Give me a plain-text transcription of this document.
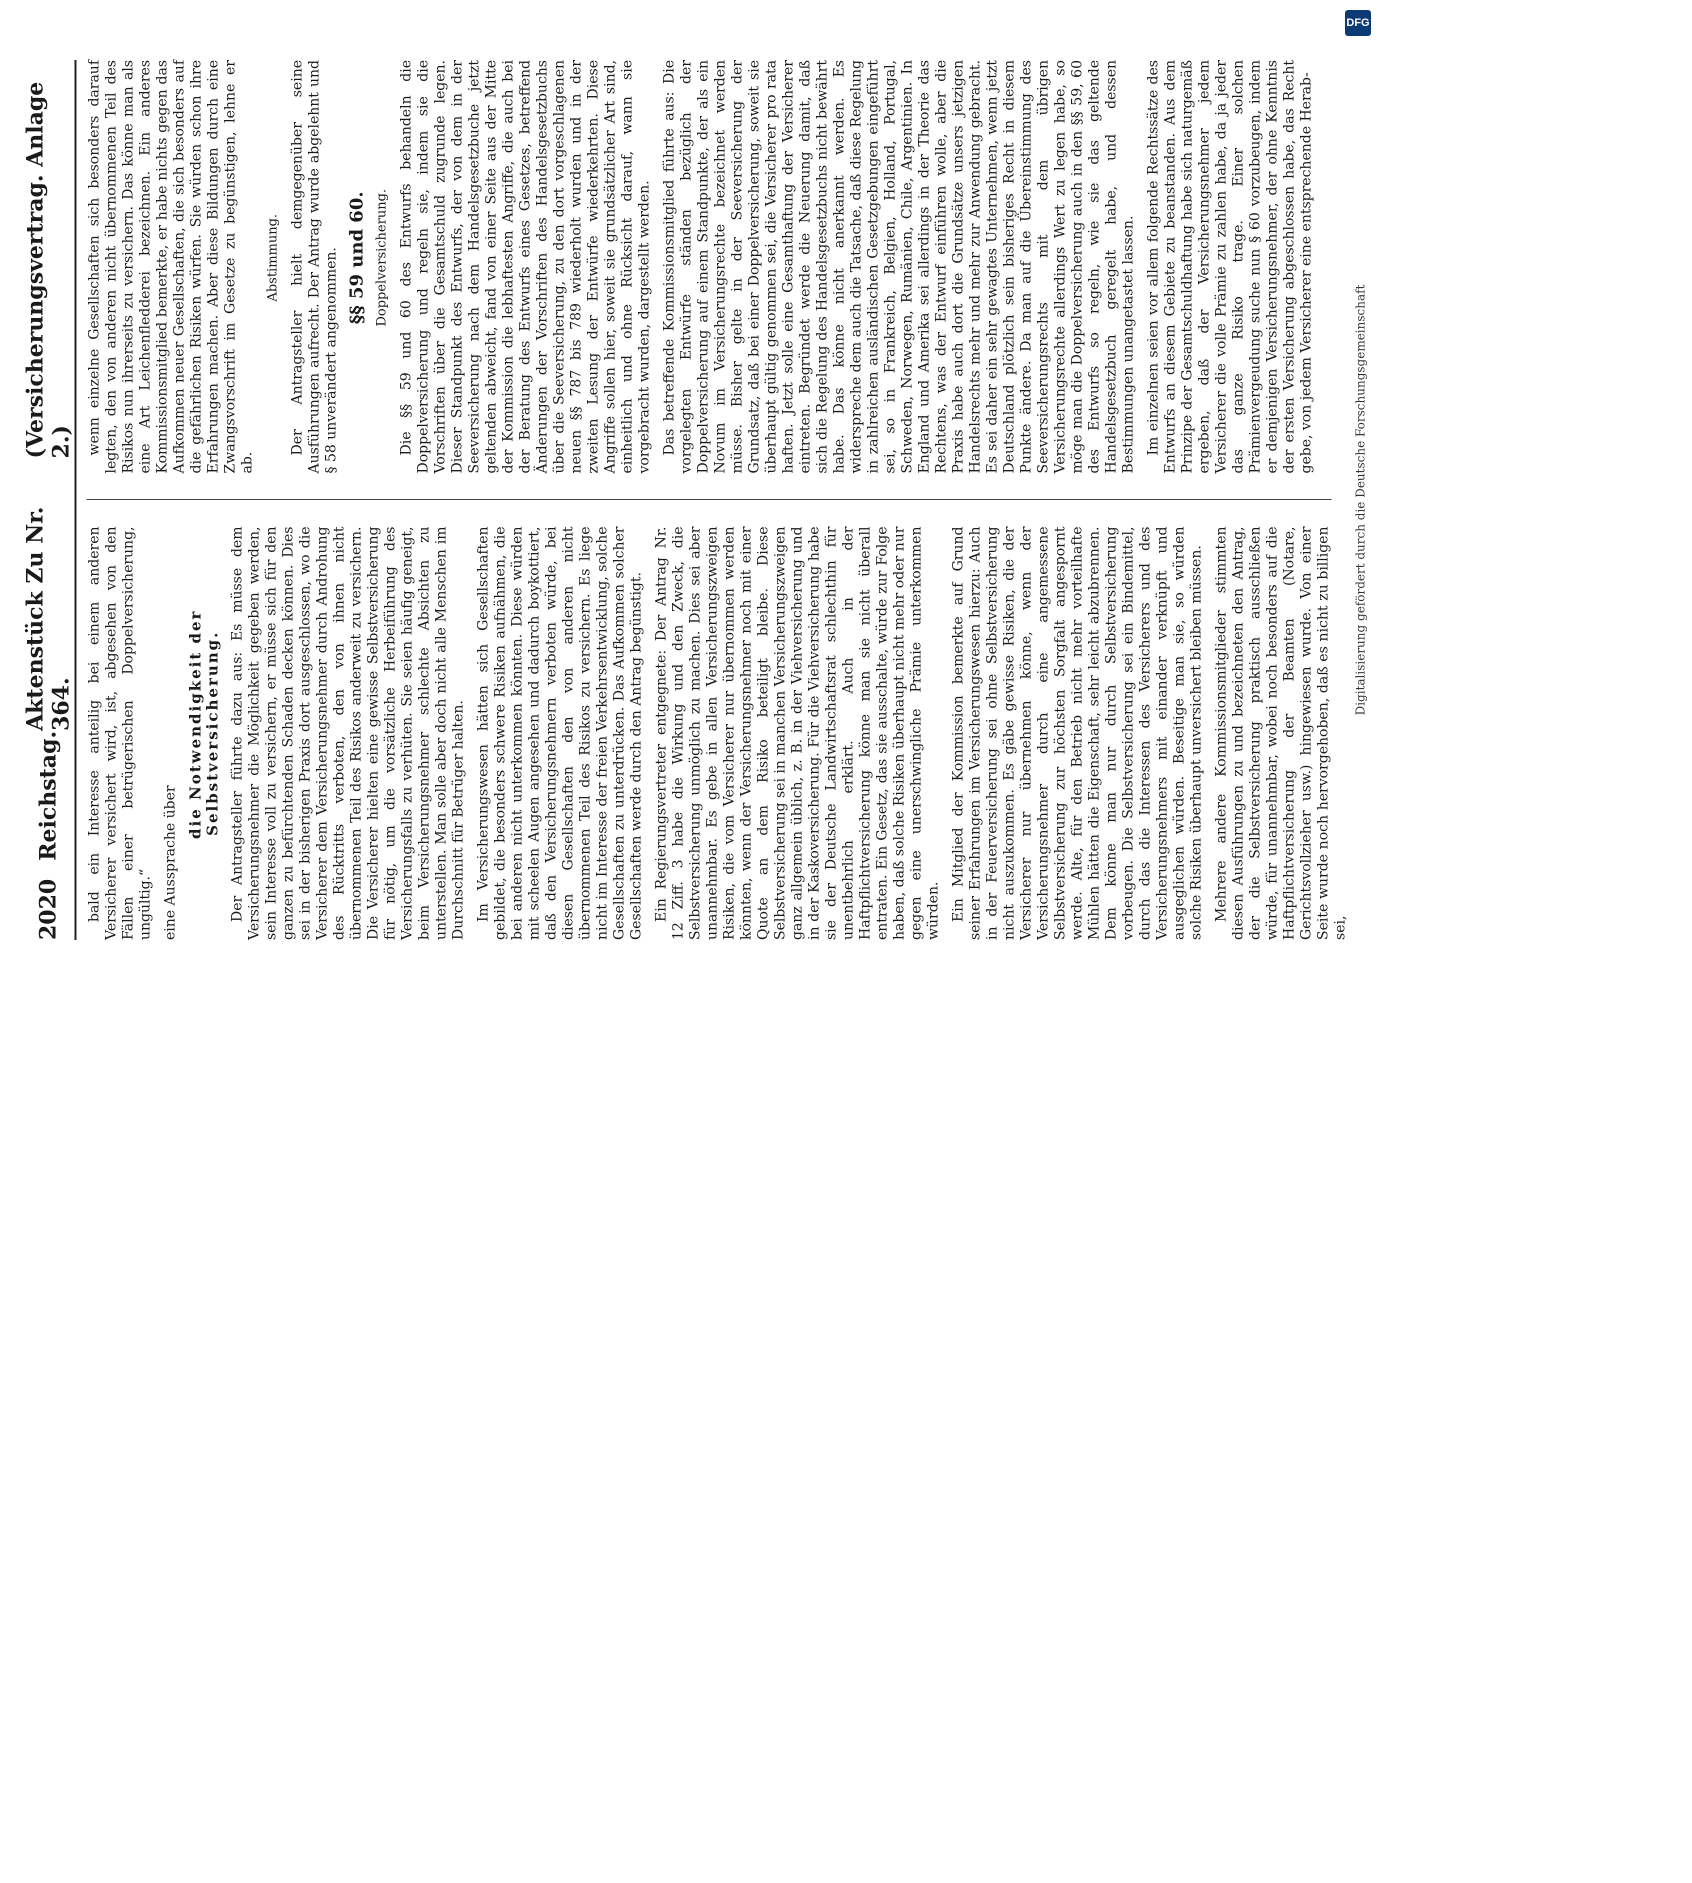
DFG
2020
Reichstag.
Aktenstück Zu Nr. 364.
(Versicherungsvertrag. Anlage 2.)

bald ein Interesse anteilig bei einem anderen Versicherer versichert wird, ist, abgesehen von den Fällen einer betrügerischen Doppelversicherung, ungültig.“ eine Aussprache über

die Notwendigkeit der Selbstversicherung. Der Antragsteller führte dazu aus: Es müsse dem Versicherungsnehmer die Möglichkeit gegeben werden, sein Interesse voll zu versichern, er müsse sich für den ganzen zu befürchtenden Schaden decken können. Dies sei in der bisherigen Praxis dort ausgeschlossen, wo die Versicherer dem Versicherungsnehmer durch Androhung des Rücktritts verboten, den von ihnen nicht übernommenen Teil des Risikos anderweit zu versichern. Die Versicherer hielten eine gewisse Selbstversicherung für nötig, um die vorsätzliche Herbeiführung des Versicherungsfalls zu verhüten. Sie seien häufig geneigt, beim Versicherungsnehmer schlechte Absichten zu unterstellen. Man solle aber doch nicht alle Menschen im Durchschnitt für Betrüger halten. Im Versicherungswesen hätten sich Gesellschaften gebildet, die besonders schwere Risiken aufnähmen, die bei anderen nicht unterkommen könnten. Diese würden mit scheelen Augen angesehen und dadurch boykottiert, daß den Versicherungsnehmern verboten würde, bei diesen Gesellschaften den von anderen nicht übernommenen Teil des Risikos zu versichern. Es liege nicht im Interesse der freien Verkehrsentwicklung, solche Gesellschaften zu unterdrücken. Das Aufkommen solcher Gesellschaften werde durch den Antrag begünstigt. Ein Regierungsvertreter entgegnete: Der Antrag Nr. 12 Ziff. 3 habe die Wirkung und den Zweck, die Selbstversicherung unmöglich zu machen. Dies sei aber unannehmbar. Es gebe in allen Versicherungszweigen Risiken, die vom Versicherer nur übernommen werden könnten, wenn der Versicherungsnehmer noch mit einer Quote an dem Risiko beteiligt bleibe. Diese Selbstversicherung sei in manchen Versicherungszweigen ganz allgemein üblich, z. B. in der Viehversicherung und in der Kaskoversicherung. Für die Viehversicherung habe sie der Deutsche Landwirtschaftsrat schlechthin für unentbehrlich erklärt. Auch in der Haftpflichtversicherung könne man sie nicht überall entraten. Ein Gesetz, das sie ausschalte, würde zur Folge haben, daß solche Risiken überhaupt nicht mehr oder nur gegen eine unerschwingliche Prämie unterkommen würden. Ein Mitglied der Kommission bemerkte auf Grund seiner Erfahrungen im Versicherungswesen hierzu: Auch in der Feuerversicherung sei ohne Selbstversicherung nicht auszukommen. Es gäbe gewisse Risiken, die der Versicherer nur übernehmen könne, wenn der Versicherungsnehmer durch eine angemessene Selbstversicherung zur höchsten Sorgfalt angespornt werde. Alte, für den Betrieb nicht mehr vorteilhafte Mühlen hätten die Eigenschaft, sehr leicht abzubrennen. Dem könne man nur durch Selbstversicherung vorbeugen. Die Selbstversicherung sei ein Bindemittel, durch das die Interessen des Versicherers und des Versicherungsnehmers mit einander verknüpft und ausgeglichen würden. Beseitige man sie, so würden solche Risiken überhaupt unversichert bleiben müssen. Mehrere andere Kommissionsmitglieder stimmten diesen Ausführungen zu und bezeichneten den Antrag, der die Selbstversicherung praktisch ausschließen würde, für unannehmbar, wobei noch besonders auf die Haftpflichtversicherung der Beamten (Notare, Gerichtsvollzieher usw.) hingewiesen wurde. Von einer Seite wurde noch hervorgehoben, daß es nicht zu billigen sei,

wenn einzelne Gesellschaften sich besonders darauf legten, den von anderen nicht übernommenen Teil des Risikos nun ihrerseits zu versichern. Das könne man als eine Art Leichenfledderei bezeichnen. Ein anderes Kommissionsmitglied bemerkte, er habe nichts gegen das Aufkommen neuer Gesellschaften, die sich besonders auf die gefährlichen Risiken würfen. Sie würden schon ihre Erfahrungen machen. Aber diese Bildungen durch eine Zwangsvorschrift im Gesetze zu begünstigen, lehne er ab.

Abstimmung. Der Antragsteller hielt demgegenüber seine Ausführungen aufrecht. Der Antrag wurde abgelehnt und § 58 unverändert angenommen. §§ 59 und 60. Doppelversicherung. Die §§ 59 und 60 des Entwurfs behandeln die Doppelversicherung und regeln sie, indem sie die Vorschriften über die Gesamtschuld zugrunde legen. Dieser Standpunkt des Entwurfs, der von dem in der Seeversicherung nach dem Handelsgesetzbuche jetzt geltenden abweicht, fand von einer Seite aus der Mitte der Kommission die lebhaftesten Angriffe, die auch bei der Beratung des Entwurfs eines Gesetzes, betreffend Änderungen der Vorschriften des Handelsgesetzbuchs über die Seeversicherung, zu den dort vorgeschlagenen neuen §§ 787 bis 789 wiederholt wurden und in der zweiten Lesung der Entwürfe wiederkehrten. Diese Angriffe sollen hier, soweit sie grundsätzlicher Art sind, einheitlich und ohne Rücksicht darauf, wann sie vorgebracht wurden, dargestellt werden. Das betreffende Kommissionsmitglied führte aus: Die vorgelegten Entwürfe ständen bezüglich der Doppelversicherung auf einem Standpunkte, der als ein Novum im Versicherungsrechte bezeichnet werden müsse. Bisher gelte in der Seeversicherung der Grundsatz, daß bei einer Doppelversicherung, soweit sie überhaupt gültig genommen sei, die Versicherer pro rata haften. Jetzt solle eine Gesamthaftung der Versicherer eintreten. Begründet werde die Neuerung damit, daß sich die Regelung des Handelsgesetzbuchs nicht bewährt habe. Das könne nicht anerkannt werden. Es widerspreche dem auch die Tatsache, daß diese Regelung in zahlreichen ausländischen Gesetzgebungen eingeführt sei, so in Frankreich, Belgien, Holland, Portugal, Schweden, Norwegen, Rumänien, Chile, Argentinien. In England und Amerika sei allerdings in der Theorie das Rechtens, was der Entwurf einführen wolle, aber die Praxis habe auch dort die Grundsätze unsers jetzigen Handelsrechts mehr und mehr zur Anwendung gebracht. Es sei daher ein sehr gewagtes Unternehmen, wenn jetzt Deutschland plötzlich sein bisheriges Recht in diesem Punkte ändere. Da man auf die Übereinstimmung des Seeversicherungsrechts mit dem übrigen Versicherungsrechte allerdings Wert zu legen habe, so möge man die Doppelversicherung auch in den §§ 59, 60 des Entwurfs so regeln, wie sie das geltende Handelsgesetzbuch geregelt habe, und dessen Bestimmungen unangetastet lassen. Im einzelnen seien vor allem folgende Rechtssätze des Entwurfs an diesem Gebiete zu beanstanden. Aus dem Prinzipe der Gesamtschuldhaftung habe sich naturgemäß ergeben, daß der Versicherungsnehmer jedem Versicherer die volle Prämie zu zahlen habe, da ja jeder das ganze Risiko trage. Einer solchen Prämienvergeudung suche nun § 60 vorzubeugen, indem er demjenigen Versicherungsnehmer, der ohne Kenntnis der ersten Versicherung abgeschlossen habe, das Recht gebe, von jedem Versicherer eine entsprechende Herab-

Digitalisierung gefördert durch die Deutsche Forschungsgemeinschaft
